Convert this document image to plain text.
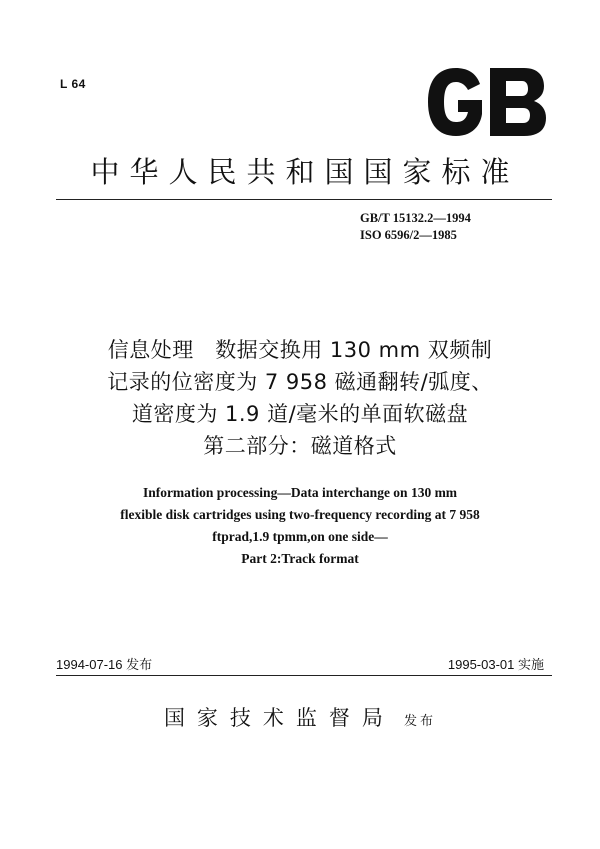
L 64
中华人民共和国国家标准
GB/T 15132.2—1994
ISO 6596/2—1985
信息处理　数据交换用 130 mm 双频制
记录的位密度为 7 958 磁通翻转/弧度、
道密度为 1.9 道/毫米的单面软磁盘
第二部分：磁道格式
Information processing—Data interchange on 130 mm
flexible disk cartridges using two-frequency recording at 7 958
ftprad,1.9 tpmm,on one side—
Part 2:Track format
1994-07-16 发布	1995-03-01 实施
国家技术监督局 发布
